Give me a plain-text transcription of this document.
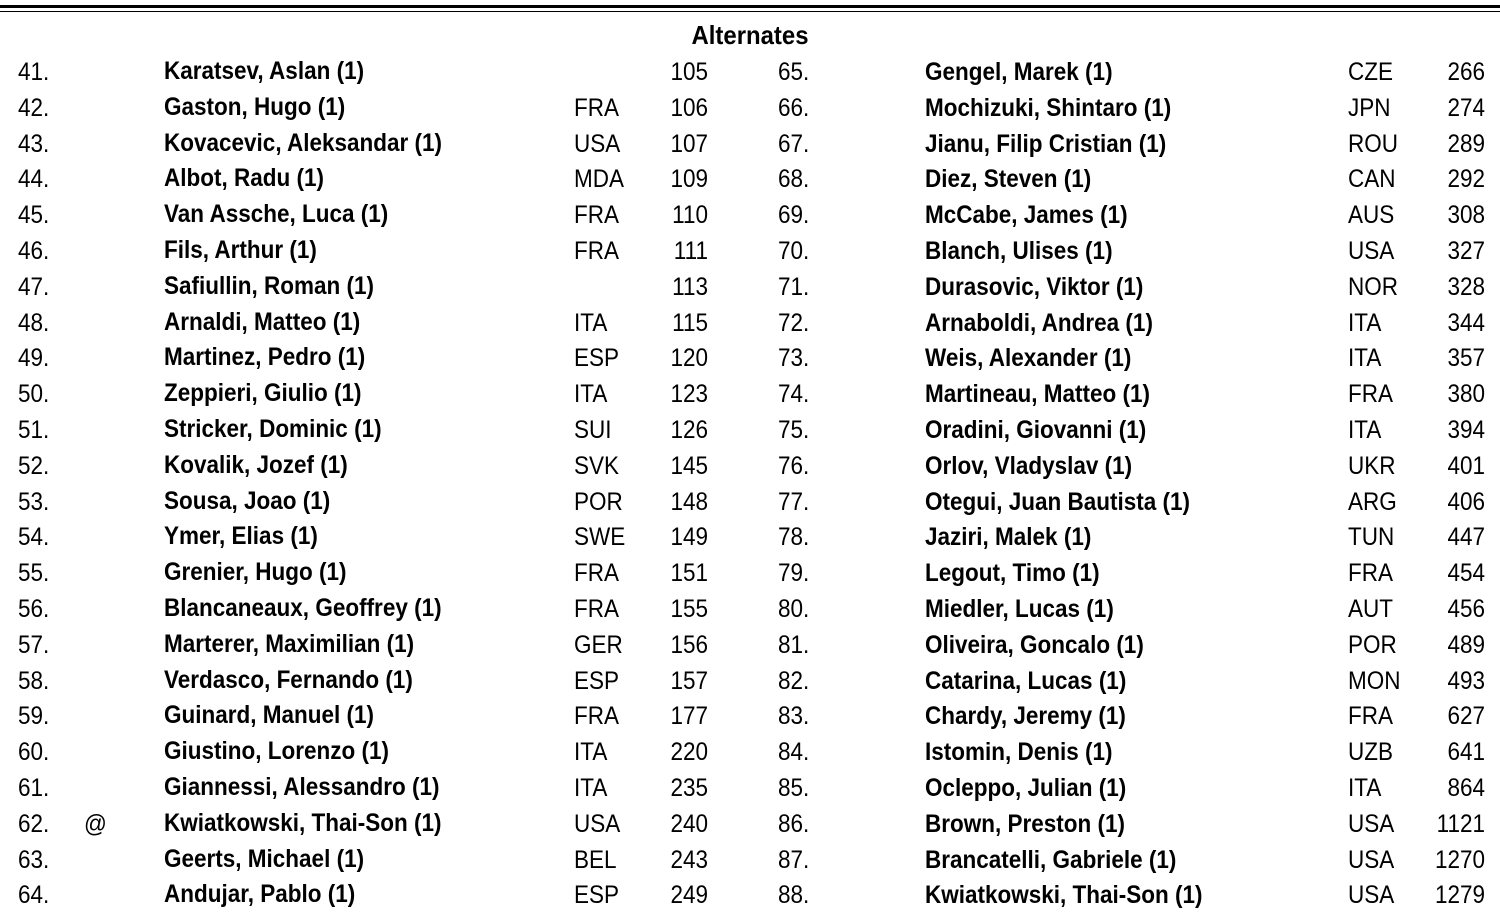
Alternates
41.	Karatsev, Aslan (1)	105
42.	Gaston, Hugo (1)	FRA	106
43.	Kovacevic, Aleksandar (1)	USA	107
44.	Albot, Radu (1)	MDA	109
45.	Van Assche, Luca (1)	FRA	110
46.	Fils, Arthur (1)	FRA	111
47.	Safiullin, Roman (1)	113
48.	Arnaldi, Matteo (1)	ITA	115
49.	Martinez, Pedro (1)	ESP	120
50.	Zeppieri, Giulio (1)	ITA	123
51.	Stricker, Dominic (1)	SUI	126
52.	Kovalik, Jozef (1)	SVK	145
53.	Sousa, Joao (1)	POR	148
54.	Ymer, Elias (1)	SWE	149
55.	Grenier, Hugo (1)	FRA	151
56.	Blancaneaux, Geoffrey (1)	FRA	155
57.	Marterer, Maximilian (1)	GER	156
58.	Verdasco, Fernando (1)	ESP	157
59.	Guinard, Manuel (1)	FRA	177
60.	Giustino, Lorenzo (1)	ITA	220
61.	Giannessi, Alessandro (1)	ITA	235
62. @ Kwiatkowski, Thai-Son (1)	USA	240
63.	Geerts, Michael (1)	BEL	243
64.	Andujar, Pablo (1)	ESP	249
65.	Gengel, Marek (1)	CZE	266
66.	Mochizuki, Shintaro (1)	JPN	274
67.	Jianu, Filip Cristian (1)	ROU	289
68.	Diez, Steven (1)	CAN	292
69.	McCabe, James (1)	AUS	308
70.	Blanch, Ulises (1)	USA	327
71.	Durasovic, Viktor (1)	NOR	328
72.	Arnaboldi, Andrea (1)	ITA	344
73.	Weis, Alexander (1)	ITA	357
74.	Martineau, Matteo (1)	FRA	380
75.	Oradini, Giovanni (1)	ITA	394
76.	Orlov, Vladyslav (1)	UKR	401
77.	Otegui, Juan Bautista (1)	ARG	406
78.	Jaziri, Malek (1)	TUN	447
79.	Legout, Timo (1)	FRA	454
80.	Miedler, Lucas (1)	AUT	456
81.	Oliveira, Goncalo (1)	POR	489
82.	Catarina, Lucas (1)	MON	493
83.	Chardy, Jeremy (1)	FRA	627
84.	Istomin, Denis (1)	UZB	641
85.	Ocleppo, Julian (1)	ITA	864
86.	Brown, Preston (1)	USA	1121
87.	Brancatelli, Gabriele (1)	USA	1270
88.	Kwiatkowski, Thai-Son (1)	USA	1279
